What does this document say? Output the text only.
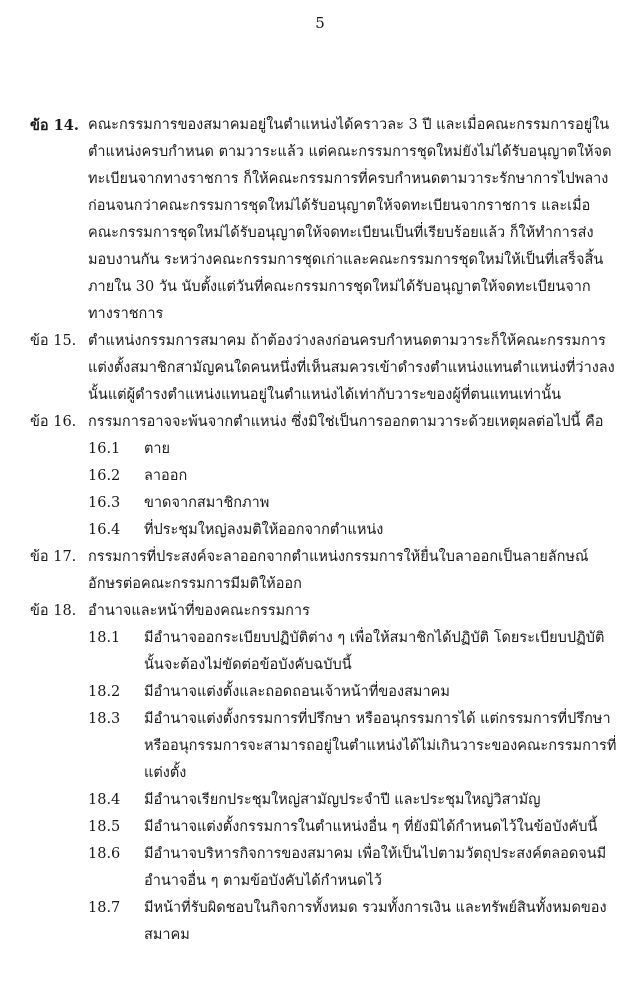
5
ข้อ 14. คณะกรรมการของสมาคมอยู่ในตำแหน่งได้คราวละ 3 ปี และเมื่อคณะกรรมการอยู่ใน
ตำแหน่งครบกำหนด ตามวาระแล้ว แต่คณะกรรมการชุดใหม่ยังไม่ได้รับอนุญาตให้จด
ทะเบียนจากทางราชการ ก็ให้คณะกรรมการที่ครบกำหนดตามวาระรักษาการไปพลาง
ก่อนจนกว่าคณะกรรมการชุดใหม่ได้รับอนุญาตให้จดทะเบียนจากราชการ และเมื่อ
คณะกรรมการชุดใหม่ได้รับอนุญาตให้จดทะเบียนเป็นที่เรียบร้อยแล้ว ก็ให้ทำการส่ง
มอบงานกัน ระหว่างคณะกรรมการชุดเก่าและคณะกรรมการชุดใหม่ให้เป็นที่เสร็จสิ้น
ภายใน 30 วัน นับตั้งแต่วันที่คณะกรรมการชุดใหม่ได้รับอนุญาตให้จดทะเบียนจาก
ทางราชการ
ข้อ 15. ตำแหน่งกรรมการสมาคม ถ้าต้องว่างลงก่อนครบกำหนดตามวาระก็ให้คณะกรรมการ
แต่งตั้งสมาชิกสามัญคนใดคนหนึ่งที่เห็นสมควรเข้าดำรงตำแหน่งแทนตำแหน่งที่ว่างลง
นั้นแต่ผู้ดำรงตำแหน่งแทนอยู่ในตำแหน่งได้เท่ากับวาระของผู้ที่ตนแทนเท่านั้น
ข้อ 16. กรรมการอาจจะพ้นจากตำแหน่ง ซึ่งมิใช่เป็นการออกตามวาระด้วยเหตุผลต่อไปนี้ คือ
16.1	ตาย
16.2	ลาออก
16.3	ขาดจากสมาชิกภาพ
16.4	ที่ประชุมใหญ่ลงมติให้ออกจากตำแหน่ง
ข้อ 17. กรรมการที่ประสงค์จะลาออกจากตำแหน่งกรรมการให้ยื่นใบลาออกเป็นลายลักษณ์
อักษรต่อคณะกรรมการมีมติให้ออก
ข้อ 18. อำนาจและหน้าที่ของคณะกรรมการ
18.1	มีอำนาจออกระเบียบปฏิบัติต่าง ๆ เพื่อให้สมาชิกได้ปฏิบัติ โดยระเบียบปฏิบัติ
นั้นจะต้องไม่ขัดต่อข้อบังคับฉบับนี้
18.2	มีอำนาจแต่งตั้งและถอดถอนเจ้าหน้าที่ของสมาคม
18.3	มีอำนาจแต่งตั้งกรรมการที่ปรึกษา หรืออนุกรรมการได้ แต่กรรมการที่ปรึกษา
หรืออนุกรรมการจะสามารถอยู่ในตำแหน่งได้ไม่เกินวาระของคณะกรรมการที่
แต่งตั้ง
18.4	มีอำนาจเรียกประชุมใหญ่สามัญประจำปี และประชุมใหญ่วิสามัญ
18.5	มีอำนาจแต่งตั้งกรรมการในตำแหน่งอื่น ๆ ที่ยังมิได้กำหนดไว้ในข้อบังคับนี้
18.6	มีอำนาจบริหารกิจการของสมาคม เพื่อให้เป็นไปตามวัตถุประสงค์ตลอดจนมี
อำนาจอื่น ๆ ตามข้อบังคับได้กำหนดไว้
18.7	มีหน้าที่รับผิดชอบในกิจการทั้งหมด รวมทั้งการเงิน และทรัพย์สินทั้งหมดของ
สมาคม
